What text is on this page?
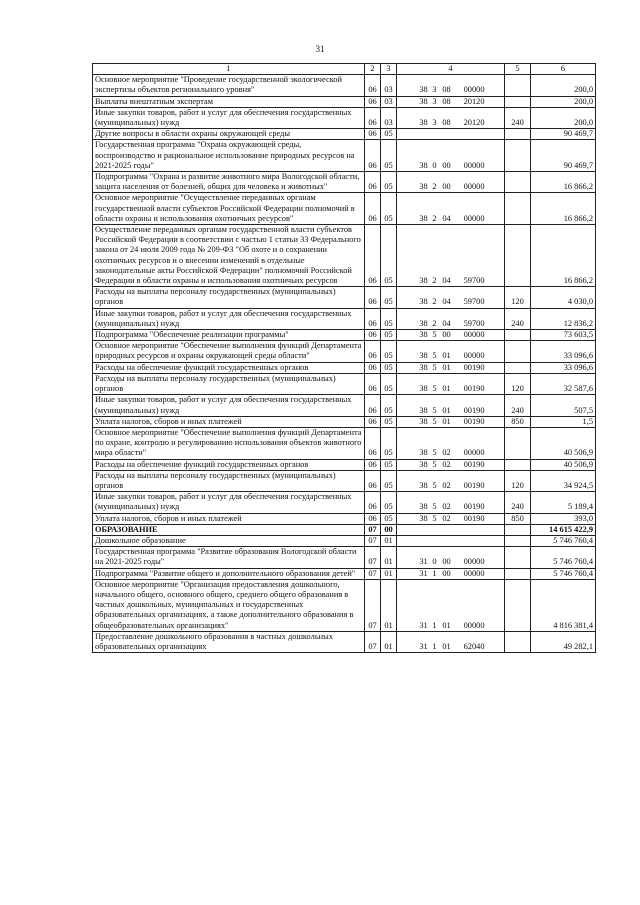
31
1	2	3	4	5	6
Основное мероприятие "Проведение государственной экологической экспертизы объектов регионального уровня"	06	03	38 3 08 00000		200,0
Выплаты внештатным экспертам	06	03	38 3 08 20120		200,0
Иные закупки товаров, работ и услуг для обеспечения государственных (муниципальных) нужд	06	03	38 3 08 20120	240	200,0
Другие вопросы в области охраны окружающей среды	06	05			90 469,7
Государственная программа "Охрана окружающей среды, воспроизводство и рациональное использование природных ресурсов на 2021-2025 годы"	06	05	38 0 00 00000		90 469,7
Подпрограмма "Охрана и развитие животного мира Вологодской области, защита населения от болезней, общих для человека и животных"	06	05	38 2 00 00000		16 866,2
Основное мероприятие "Осуществление переданных органам государственной власти субъектов Российской Федерации полномочий в области охраны и использования охотничьих ресурсов"	06	05	38 2 04 00000		16 866,2
Осуществление переданных органам государственной власти субъектов Российской Федерации в соответствии с частью 1 статьи 33 Федерального закона от 24 июля 2009 года № 209-ФЗ "Об охоте и о сохранении охотничьих ресурсов и о внесении изменений в отдельные законодательные акты Российской Федерации" полномочий Российской Федерации в области охраны и использования охотничьих ресурсов	06	05	38 2 04 59700		16 866,2
Расходы на выплаты персоналу государственных (муниципальных) органов	06	05	38 2 04 59700	120	4 030,0
Иные закупки товаров, работ и услуг для обеспечения государственных (муниципальных) нужд	06	05	38 2 04 59700	240	12 836,2
Подпрограмма "Обеспечение реализации программы"	06	05	38 5 00 00000		73 603,5
Основное мероприятие "Обеспечение выполнения функций Департамента природных ресурсов и охраны окружающей среды области"	06	05	38 5 01 00000		33 096,6
Расходы на обеспечение функций государственных органов	06	05	38 5 01 00190		33 096,6
Расходы на выплаты персоналу государственных (муниципальных) органов	06	05	38 5 01 00190	120	32 587,6
Иные закупки товаров, работ и услуг для обеспечения государственных (муниципальных) нужд	06	05	38 5 01 00190	240	507,5
Уплата налогов, сборов и иных платежей	06	05	38 5 01 00190	850	1,5
Основное мероприятие "Обеспечение выполнения функций Департамента по охране, контролю и регулированию использования объектов животного мира области"	06	05	38 5 02 00000		40 506,9
Расходы на обеспечение функций государственных органов	06	05	38 5 02 00190		40 506,9
Расходы на выплаты персоналу государственных (муниципальных) органов	06	05	38 5 02 00190	120	34 924,5
Иные закупки товаров, работ и услуг для обеспечения государственных (муниципальных) нужд	06	05	38 5 02 00190	240	5 189,4
Уплата налогов, сборов и иных платежей	06	05	38 5 02 00190	850	393,0
ОБРАЗОВАНИЕ	07	00			14 615 422,9
Дошкольное образование	07	01			5 746 760,4
Государственная программа "Развитие образования Вологодской области на 2021-2025 годы"	07	01	31 0 00 00000		5 746 760,4
Подпрограмма "Развитие общего и дополнительного образования детей"	07	01	31 1 00 00000		5 746 760,4
Основное мероприятие "Организация предоставления дошкольного, начального общего, основного общего, среднего общего образования в частных дошкольных, муниципальных и государственных образовательных организациях, а также дополнительного образования в общеобразовательных организациях"	07	01	31 1 01 00000		4 816 381,4
Предоставление дошкольного образования в частных дошкольных образовательных организациях	07	01	31 1 01 62040		49 282,1
